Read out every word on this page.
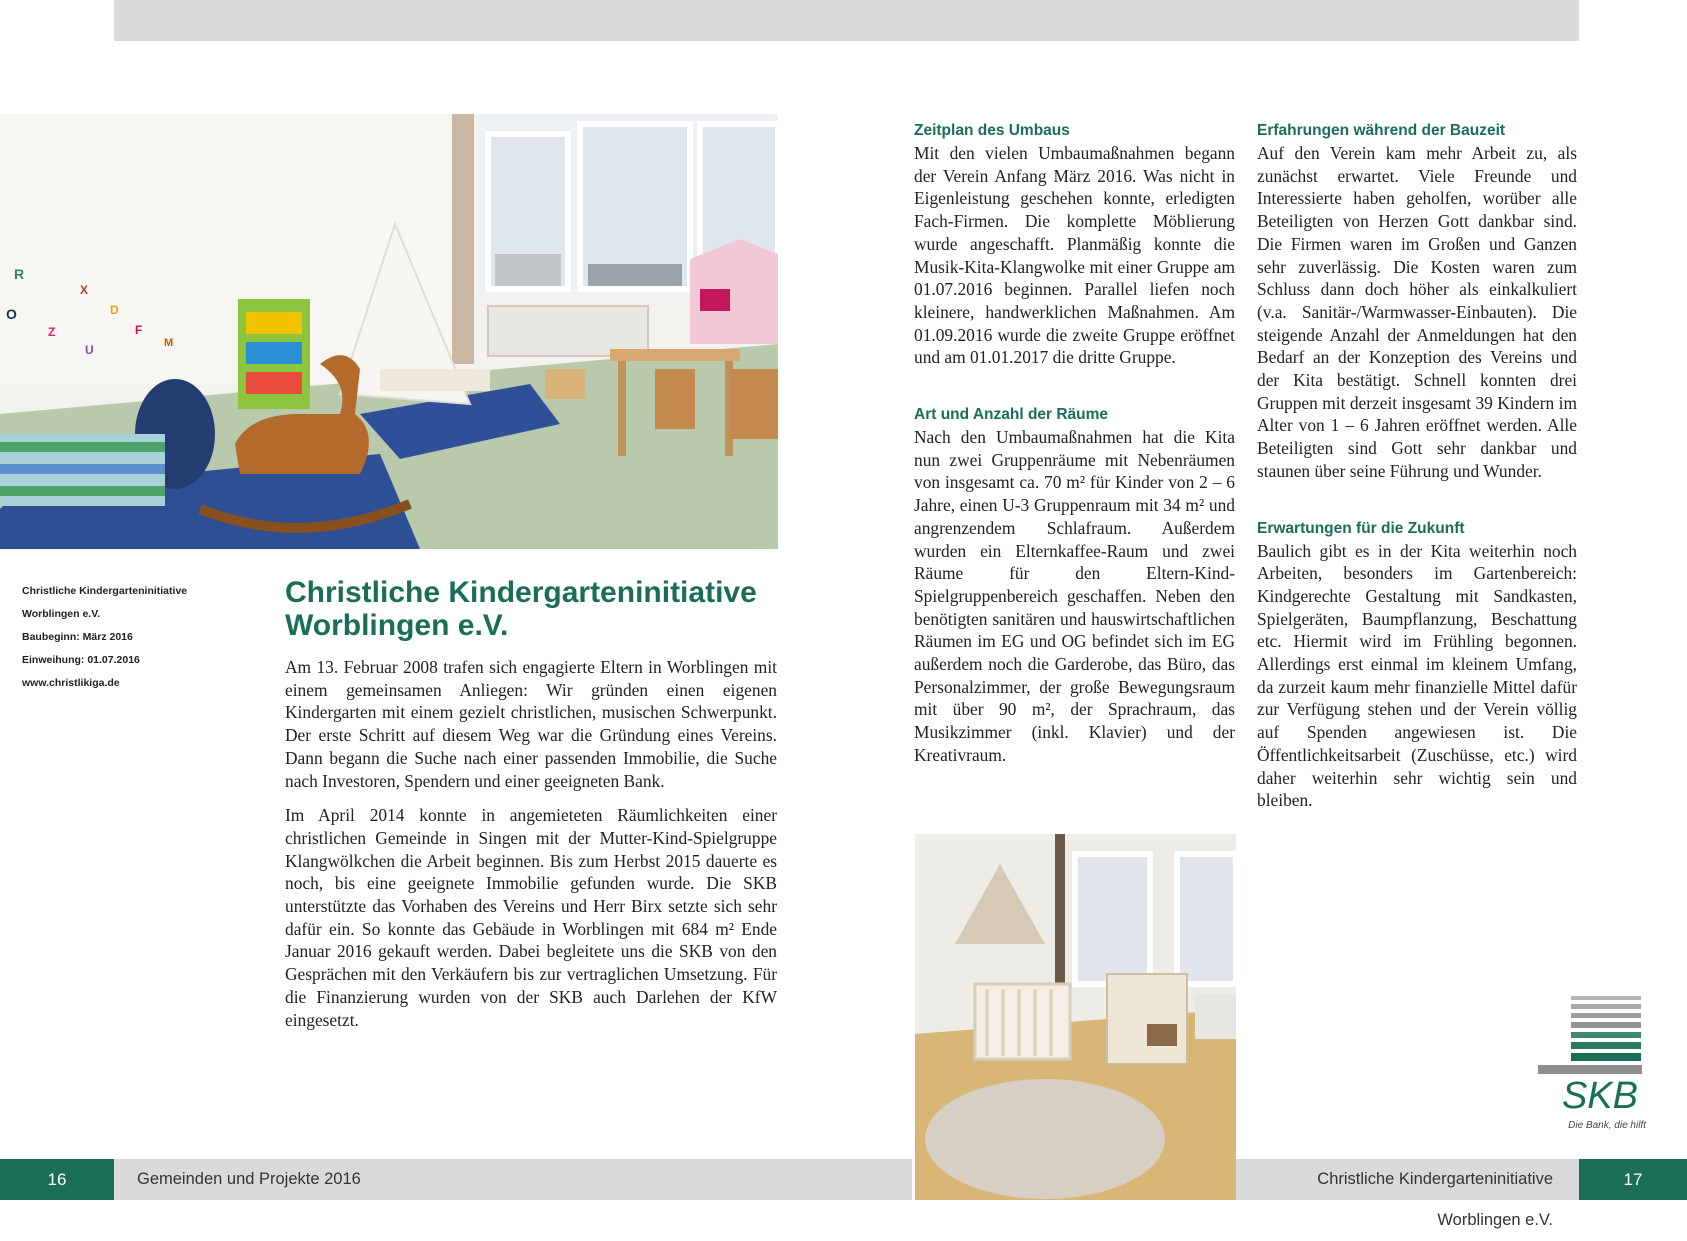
R
X
O
Z
D
F
U	M
Christliche Kindergarteninitiative
Worblingen e.V.
Baubeginn: März 2016
Einweihung: 01.07.2016
www.christlikiga.de
Christliche Kindergarteninitiative
Worblingen e.V.

Am 13. Februar 2008 trafen sich engagierte Eltern in Worblingen mit einem gemeinsamen Anliegen: Wir gründen einen eigenen Kindergarten mit einem gezielt christlichen, musischen Schwerpunkt. Der erste Schritt auf diesem Weg war die Gründung eines Vereins. Dann begann die Suche nach einer passenden Immobilie, die Suche nach Investoren, Spendern und einer geeigneten Bank.

Im April 2014 konnte in angemieteten Räumlichkeiten einer christlichen Gemeinde in Singen mit der Mutter-Kind-Spielgruppe Klangwölkchen die Arbeit beginnen. Bis zum Herbst 2015 dauerte es noch, bis eine geeignete Immobilie gefunden wurde. Die SKB unterstützte das Vorhaben des Vereins und Herr Birx setzte sich sehr dafür ein. So konnte das Gebäude in Worblingen mit 684 m² Ende Januar 2016 gekauft werden. Dabei begleitete uns die SKB von den Gesprächen mit den Verkäufern bis zur vertraglichen Umsetzung. Für die Finanzierung wurden von der SKB auch Darlehen der KfW eingesetzt.

Zeitplan des Umbaus

Mit den vielen Umbaumaßnahmen begann der Verein Anfang März 2016. Was nicht in Eigenleistung geschehen konnte, erledigten Fach-Firmen. Die komplette Möblierung wurde angeschafft. Planmäßig konnte die Musik-Kita-Klangwolke mit einer Gruppe am 01.07.2016 beginnen. Parallel liefen noch kleinere, handwerklichen Maßnahmen. Am 01.09.2016 wurde die zweite Gruppe eröffnet und am 01.01.2017 die dritte Gruppe.

Art und Anzahl der Räume

Nach den Umbaumaßnahmen hat die Kita nun zwei Gruppenräume mit Nebenräumen von insgesamt ca. 70 m² für Kinder von 2 – 6 Jahre, einen U-3 Gruppenraum mit 34 m² und angrenzendem Schlafraum. Außerdem wurden ein Elternkaffee-Raum und zwei Räume für den Eltern-Kind-Spielgruppenbereich geschaffen. Neben den benötigten sanitären und hauswirtschaftlichen Räumen im EG und OG befindet sich im EG außerdem noch die Garderobe, das Büro, das Personalzimmer, der große Bewegungsraum mit über 90 m², der Sprachraum, das Musikzimmer (inkl. Klavier) und der Kreativraum.

Erfahrungen während der Bauzeit

Auf den Verein kam mehr Arbeit zu, als zunächst erwartet. Viele Freunde und Interessierte haben geholfen, worüber alle Beteiligten von Herzen Gott dankbar sind. Die Firmen waren im Großen und Ganzen sehr zuverlässig. Die Kosten waren zum Schluss dann doch höher als einkalkuliert (v.a. Sanitär-/Warmwasser-Einbauten). Die steigende Anzahl der Anmeldungen hat den Bedarf an der Konzeption des Vereins und der Kita bestätigt. Schnell konnten drei Gruppen mit derzeit insgesamt 39 Kindern im Alter von 1 – 6 Jahren eröffnet werden. Alle Beteiligten sind Gott sehr dankbar und staunen über seine Führung und Wunder.

Erwartungen für die Zukunft

Baulich gibt es in der Kita weiterhin noch Arbeiten, besonders im Gartenbereich: Kindgerechte Gestaltung mit Sandkasten, Spielgeräten, Baumpflanzung, Beschattung etc. Hiermit wird im Frühling begonnen. Allerdings erst einmal im kleinem Umfang, da zurzeit kaum mehr finanzielle Mittel dafür zur Verfügung stehen und der Verein völlig auf Spenden angewiesen ist. Die Öffentlichkeitsarbeit (Zuschüsse, etc.) wird daher weiterhin sehr wichtig sein und bleiben.

SKB
Die Bank, die hilft
16	Gemeinden und Projekte 2016	Christliche Kindergarteninitiative Worblingen e.V.
17
